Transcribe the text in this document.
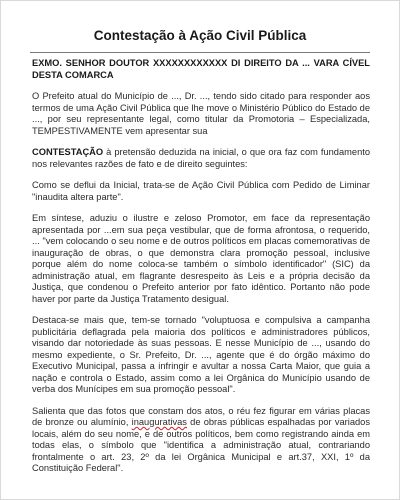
Contestação à Ação Civil Pública

EXMO. SENHOR DOUTOR XXXXXXXXXXXX DI DIREITO DA ... VARA CÍVEL DESTA COMARCA

O Prefeito atual do Município de ..., Dr. ..., tendo sido citado para responder aos termos de uma Ação Civil Pública que lhe move o Ministério Público do Estado de ..., por seu representante legal, como titular da Promotoria – Especializada, TEMPESTIVAMENTE vem apresentar sua

CONTESTAÇÃO à pretensão deduzida na inicial, o que ora faz com fundamento nos relevantes razões de fato e de direito seguintes:

Como se deflui da Inicial, trata-se de Ação Civil Pública com Pedido de Liminar "inaudita altera parte".

Em síntese, aduziu o ilustre e zeloso Promotor, em face da representação apresentada por ...em sua peça vestibular, que de forma afrontosa, o requerido, ... "vem colocando o seu nome e de outros políticos em placas comemorativas de inauguração de obras, o que demonstra clara promoção pessoal, inclusive porque além do nome coloca-se também o símbolo identificador" (SIC) da administração atual, em flagrante desrespeito às Leis e a própria decisão da Justiça, que condenou o Prefeito anterior por fato idêntico. Portanto não pode haver por parte da Justiça Tratamento desigual.

Destaca-se mais que, tem-se tornado "voluptuosa e compulsiva a campanha publicitária deflagrada pela maioria dos políticos e administradores públicos, visando dar notoriedade às suas pessoas. E nesse Município de ..., usando do mesmo expediente, o Sr. Prefeito, Dr. ..., agente que é do órgão máximo do Executivo Municipal, passa a infringir e avultar a nossa Carta Maior, que guia a nação e controla o Estado, assim como a lei Orgânica do Município usando de verba dos Munícipes em sua promoção pessoal".

Salienta que das fotos que constam dos atos, o réu fez figurar em várias placas de bronze ou alumínio, inaugurativas de obras públicas espalhadas por variados locais, além do seu nome, e de outros políticos, bem como registrando ainda em todas elas, o símbolo que "identifica a administração atual, contrariando frontalmente o art. 23, 2º da lei Orgânica Municipal e art.37, XXI, 1º da Constituição Federal".
